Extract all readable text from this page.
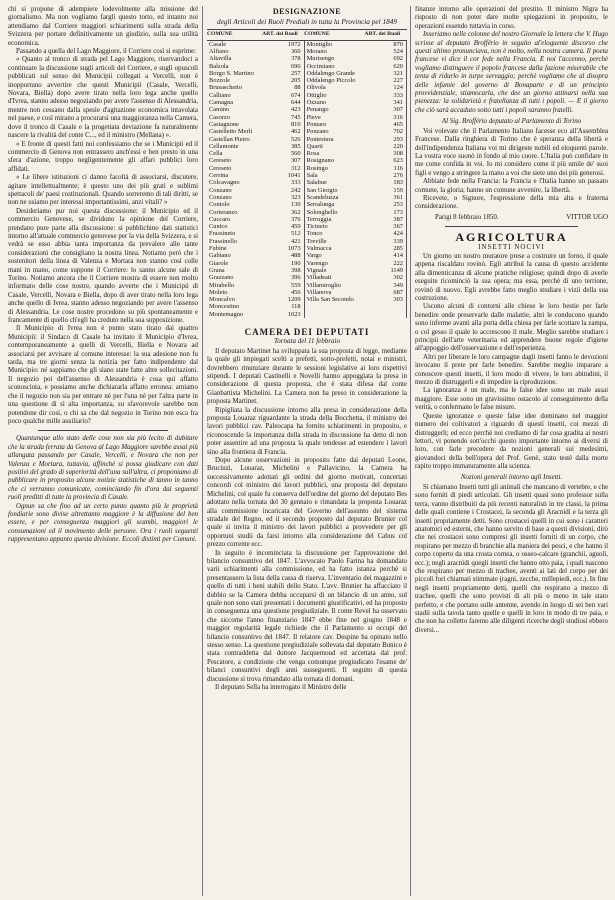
chi si propone di adempiere lodevolmente alla missione del giornalismo. Ma non vogliamo fargli questo torto, ed intanto noi attendiamo dal Corriere maggiori schiarimenti sulla strada della Svizzera per portare definitivamente un giudizio, sulla sua utilità economica.

Passando a quella del Lago Maggiore, il Corriere così si esprime:

« Quanto al tronco di strada pel Lago Maggiore, riservandoci a continuare la discussione sugli articoli del Corriere, e sugli opuscoli pubblicati sul senso dei Municipii collegati a Vercelli, non è inopportuno avvertire che questi Municipii (Casale, Vercelli, Novara, Biella) dopo avere tirato nella loro lega anche quello d'Ivrea, stanno adesso negoziando per avere l'assenso di Alessandria, mentre non cessano dalla spesie d'agitazione economica intavolata nel paese, e così mirano a procurarsi una maggioranza nella Camera, dove il tronco di Casale e la progettata deviazione fa naturalmente nascere la rivalità del conte C..., ed il ministro (Mellana) ».

« E fronte di questi fatti noi confessiamo che se i Municipii ed il commercio di Genova non entrassero anch'essi e ben presto in una sfera d'azione, troppo negligentemente gli affari pubblici loro affidati.

« Le libere istituzioni ci danno facoltà di associarsi, discutere, agitare intellettualmente; è questo uno dei più grati e sublimi spettacoli de' paesi costituzionali. Quando sorreremo di tali diritti, se non ne usiamo per interessi importantissimi, anzi vitali? »

Desideriamo pur noi questa discussione: il Municipio ed il commercio Genovese, se dividono la opinione del Corriere, prendano pure parte alla discussione: si pubblichino dati statistici intorno all'attuale commercio genovese per la via della Svizzera, e si vedrà se esso abbia tanta importanza da prevalere alle tante considerazioni che consigliano la nostra linea. Notiamo però che i sostenitori della linea di Valenza e Mortara non stanno così colle mani in mano, come suppone il Corriere: lo sanno alcune sale di Torino. Notiamo ancora che il Corriere mostra di essere non molto informato delle cose nostre, quando avverte che i Municipii di Casale, Vercelli, Novara e Biella, dopo di aver tirato nella loro lega anche quello di Ivrea, stanno adesso negoziando per avere l'assenso di Alessandria. Le cose nostre procedono su più spontaneamente e francamente di quello ch'egli ha creduto nella sua supposizione.

Il Municipio di Ivrea non è punto stato tirato dai quattro Municipii: il Sindaco di Casale ha invitato il Municipio d'Ivrea, contemporaneamente a quelli di Vercelli, Biella e Novara ad associarsi per avvisare al comune interesse: la sua adesione non fu tarda, ma tre giorni senza la notizia per fatto indipendente dal Municipio: né sappiamo che gli siano state fatte altre sollecitazioni. Il negozio poi dell'assenso di Alessandria è cosa qui affatto sconosciuta, e possiamo anche dichiararla affatto erronea: amiamo che il negozio non sia per entrare nè per l'una nè per l'altra parte in una questione di sì alta importanza, su sfavorevole sarebbe non potendone dir così, o chi sa che dal negozio in Torino non esca fra poco qualche mille ausiliario?

Quantunque allo stato delle cose non sia più lecito di dubitare che la strada ferrata da Genova al Lago Maggiore sarebbe assai più allungata passando per Casale, Vercelli, e Novara che non per Valenza e Mortara, tuttavia, affinchè si possa giudicare con dati positivi del grado di superiorità dell'una sull'altra, ci proponiamo di pubblicare in proposito alcune notizie statistiche di tanno in tanno che ci verranno comunicate, cominciando fin d'ora dai seguenti ruoli preditti di tutte la provincia di Casale.

Ognun sa che fino ad un certo punto quanto più le proprietà fondiarie sono divise altrettanto maggiore è la diffusione del ben essere, e per conseguenza maggiori gli scambi, maggiori le consumazioni ed il movimento delle persone. Ora i ruoli seguenti rappresentano appunto questa divisione. Eccoli distinti per Comuni.

DESIGNAZIONE
degli Articoli dei Ruoli Prediali in tutta la Provincia pel 1849
COMUNE	ART. dei Ruoli	COMUNE	ART. dei Ruoli
Casale	1972	Montiglio	870
Alfiano	360	Morano	524
Altavilla	378	Murisengo	692
Balzola	696	Occimiano	620
Borgo S. Martino	257	Oddalengo Grande	321
Bozzole	205	Oddalengo Piccolo	227
Brusaschetto	88	Olivola	124
Calliano	674	Ottiglio	333
Camagna	644	Ozzano	341
Camino	423	Penango	307
Casorzo	745	Pieve	316
Castagnone	810	Pomaro	465
Castelletto Merli	462	Ponzano	702
Castellan Pietro	526	Pontestura	293
Cellamonte	385	Quarti	220
Cella	560	Rosa	308
Cereseto	307	Rosignano	623
Cereseto	312	Rosingo	116
Cerrina	1041	Sala	276
Colcavagno	333	Salabue	183
Conzano	242	San Giorgio	159
Conzano	323	Scandeluzza	361
Coniolo	130	Serralunga	253
Corteranzo	362	Solonghello	173
Cuccaro	376	Terruggia	387
Cunico	459	Ticineto	367
Frassineto	512	Tonco	424
Frassinello	421	Treville	339
Fubine	1073	Valmacca	285
Gabiano	488	Vargo	414
Giarole	190	Varengo	222
Grana	398	Vignale	1149
Grazzano	396	Villadeati	302
Mirabello	559	Villamiroglio	349
Moleto	456	Villanova	687
Moncalvo	1209	Villa San Secondo	303
Moncestino	118		
Montemagno	1023		
CAMERA DEI DEPUTATI
Tornata del 11 febbraio

Il deputato Martinet ha sviluppata la sua proposta di legge, mediante la quale gli impiegati scelti a prefetti, sotto-prefetti, notai e ministri, dovrebbero rinunziare durante le sessioni legislative ai loro rispettivi stipendi. I deputati Castinelli e Novelli hanno appoggiata la presa in considerazione di questa proposta, che è stata difesa dal conte Gianbattista Michelini. La Camera non ha preso in considerazione la proposta Martinet.

Ripigliata la discussione intorno alla presa in considerazione della proposta Louaraz riguardante la strada della Bocchetta, il ministro dei lavori pubblici cav. Paleocapa ha fornito schiarimenti in proposito, e riconoscendo la importanza della strada in discussione ha detto di non poter assentire ad una proposta la quale tendesse ad estendere i lavori sino alla frontiera di Francia.

Dopo alcune osservazioni in proposito fatte dai deputati Leone, Bruciuzi, Louaraz, Michelini e Pallavicino, la Camera ha successivamente adottati gli ordini del giorno motivati, concertati concordi col ministro dei lavori pubblici, una proposta del deputato Michelini, col quale fu conserva dell'ordine del giorno del deputato Bes adottato nella tornata del 30 gennaio e rimandata la proposta Louaraz alla commissione incaricata del Governo dell'assunto del sistema stradale del Regno, ed il secondo proposto dal deputato Brunier col quale si invita il ministro dei lavori pubblici a provvedere per gli opportuni studii da farsi intorno alla considerazione del Cabus col prezzo corrente ecc.

In seguito è incominciata la discussione per l'approvazione del bilancio consuntivo del 1847. L'avvocato Paolo Farina ha domandato varii schiarimenti alla commissione, ed ha fatto istanza perchè si presentassero la lista della cassa di riserva. L'inventario dei magazzini e quello di tutti i beni stabili dello Stato. L'avv. Brunier ha affacciato il dubbio se la Camera debba occuparsi di un bilancio di un anno, sul quale non sono stati presentati i documenti giustificativi, ed ha proposto in conseguenza una questione pregiudiziale. Il conte Revel ha osservato che siccome l'anno finanziario 1847 ebbe fine nel giugno 1848 e maggior regolarità legale richiede che il Parlamento si occupi del bilancio consuntivo del 1847. Il relatore cav. Despine ha opinato nello stesso senso. La questione pregiudiziale sollevata dal deputato Bunico è stata contraddetta dal dottore Jacquemoud ed accettata dal prof. Pescatore, a condizione che venga comunque pregiudicato l'esame de' bilanci consuntivi degli anni susseguenti. Il seguito di questa discussione si trova rimandato alla tornata di domani.

Il deputato Sella ha interrogato il Ministro delle

finanze intorno alle operazioni del prestito. Il ministro Nigra ha risposto di non poter dare molte spiegazioni in proposito, le operazioni essendo tuttavia in corso.

Inseriamo nelle colonne del nostro Giornale la lettera che V. Hugo scrisse al deputato Broffério in seguito al'eloquente discorso che questi ultimo pronunciava, non è molto, nella nostra camera. Il poeta francese vi dice il cor fede nella Francia. E noi l'accenno, perchè vogliamo distinguere il popolo francese dalla fazione miserabile che tenta di ridurlo in turpe servaggio; perchè vogliamo che al disopra delle infamie del governo di Bonaparte e di un principio provvidenziale, stiamocarla, che dee un giorno attinarsi nella sua pienezza: la solidarietà e fratellanza di tutti i popoli. — E il giorno che ciò sarà accaduto sotto tutti i popoli saranno fratelli.

Al Sig. Broffério deputato al Parlamento di Torino

Voi volevate che il Parlamento Italiano facesse eco all'Assemblea Francese. Dalla ringhiera di Torino che è speranza della libertà e dell'indipendenza Italiana voi mi dirigeste nobili ed eloquenti parole. La vostra voce suonò in fondo al mio cuore. L'Italia può confidare in me come confida in voi. Io mi considero come il più umile de' suoi figli e vengo a stringere la mano a voi che siete uno dei più generosi.

Abbiate fede nella Francia: la Francia e l'Italia hanno un passato comune, la gloria; hanno un comune avvenire, la libertà.

Ricevete, o Signore, l'espressione della mia alta e fraterna considerazione.

Parigi 8 febbraio 1850.	VITTOR UGO
AGRICOLTURA
INSETTI NOCIVI

Un giorno un nostro muratore prese a costruire un forno, il quale appena riscaldato rovinò. Egli attribuì la causa di questo accidente alla dimenticanza di alcune pratiche religiose; quindi dopo di averle eseguite ricominciò la sua opera; ma essa, perchè di uno terrione, rovinò di nuovo. Egli avrebbe fatto meglio studiare i vizii della sua costruzione.

Uscono alcuni di contorni alle chiese le loro bestie per farle benedire onde preservarle dalle malattie, altri le conducono quando sono inferme avanti alla porta della chiesa per farle scottare la zampa, o col gesso il quale lo accrescono il male. Meglio sarebbe studiare i principii dell'arte veterinaria ed apprendere buone regole d'igiene all'appoggio dell'osservazione e dell'esperienza.

Altri per liberare le loro campagne dagli insetti fanno le devozioni invocano il prete per farle benedire. Sarebbe meglio imparare a conoscere questi insetti, il loro modo di vivere, le loro abitudini, il mezzo di distruggerli e di impedire la riproduzione.

La ignoranza è un male, ma le false idee sono un male assai maggiore. Esse sono un gravissimo ostacolo al conseguimento della verità, o confermano le false misure.

Queste ignoranze e queste false idee dominano nel maggior numero dei coltivatori a riguardo di questi insetti, coi mezzi di distruggerli; ed ecco perchè noi crediamo di far cosa gradita ai nostri lettori, vi ponendo sott'occhi questo importante intorno ai diversi di loro, con farle precedere da nozioni generali sui medesimi, giovandoci della bell'opera del Prof. Genè, stato testè dalla morte rapito troppo immaturamente alla scienza.

Nozioni generali intorno agli Insetti.

Si chiamano Insetti tutti gli animali che mancano di vertebre, e che sono forniti di piedi articolati. Gli insetti quasi sono professor sulla terra, vanno distribuiti da più recenti naturalisti in tre classi, la prima delle quali contiene i Crostacei, la seconda gli Aracnidi e la terza gli insetti propriamente detti. Sono crostacei quelli in cui sono i caratteri anatomici ed esterni, che hanno servito di base a questi divisioni, dirò che nei crostacei sono compresi gli insetti forniti di un corpo, che respirano per mezzo di branchie alla maniera dei pesci, e che hanno il corpo coperto da una crosta cornea, o osseo-calcare (granchii, aguoli, ecc.); negli aracnidi quegli insetti che hanno otto paia, i quali nascono che respirano per mezzo di trachee, aventi ai lati del corpo per dei piccoli fori chiamati stimmate (ragni, zecche, millepiedi, ecc.). In fine negli insetti propriamente detti, quelli che respirano a mezzo di trachee, quelli che sono provisti di ali più o meno in tale stato perfetto, e che portano sulle antenne, avendo in luogo di sei ben vari stadii sulla tavola tanto quelle e quelli in loro in modo di tre paia, e che non ha colletto faremo alle diligenti ricerche degli studiosi ebbero diversi...
